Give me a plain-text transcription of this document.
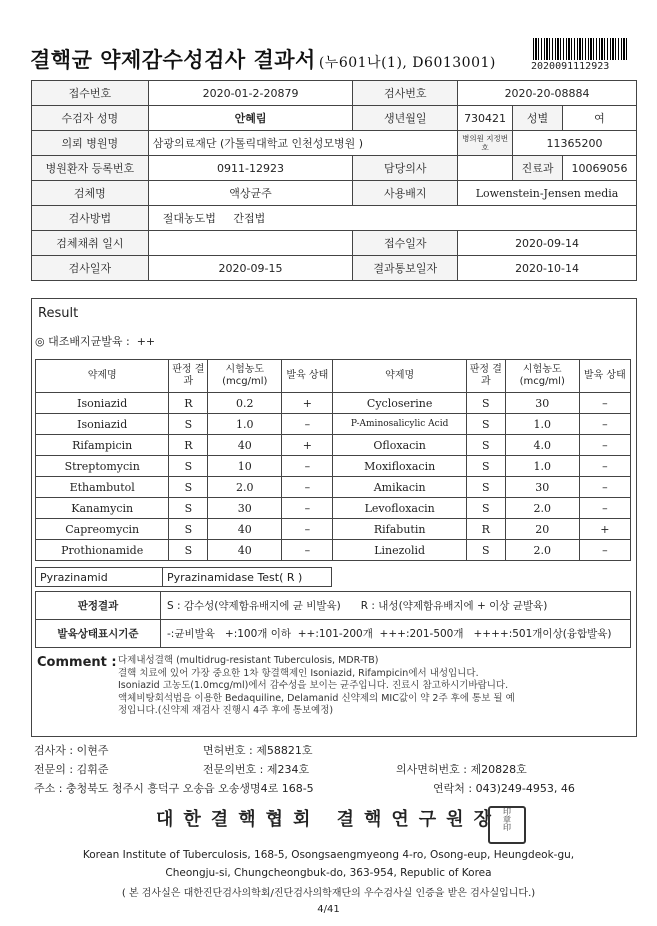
결핵균 약제감수성검사 결과서 (누601나(1), D6013001)	2020091112923
접수번호	2020-01-2-20879	검사번호	2020-20-08884		
수검자 성명	안혜림	생년월일	730421	성별	여
의뢰 병원명	삼광의료재단 (가톨릭대학교 인천성모병원 )		병의원 지정번호	11365200	
병원환자 등록번호	0911-12923	담당의사		진료과	10069056
검체명	액상균주	사용배지	Lowenstein-Jensen media		
검사방법	절대농도법 간접법				
검체채취 일시		접수일자	2020-09-14		
검사일자	2020-09-15	결과통보일자	2020-10-14		
Result
◎ 대조배지균발육 : ++
약제명	판정 결과	시험농도 (mcg/ml)	발육 상태	약제명	판정 결과	시험농도 (mcg/ml)	발육 상태
Isoniazid	R	0.2	+	Cycloserine	S	30	–
Isoniazid	S	1.0	–	P-Aminosalicylic Acid	S	1.0	–
Rifampicin	R	40	+	Ofloxacin	S	4.0	–
Streptomycin	S	10	–	Moxifloxacin	S	1.0	–
Ethambutol	S	2.0	–	Amikacin	S	30	–
Kanamycin	S	30	–	Levofloxacin	S	2.0	–
Capreomycin	S	40	–	Rifabutin	R	20	+
Prothionamide	S	40	–	Linezolid	S	2.0	–
Pyrazinamid	Pyrazinamidase Test( R )
판정결과	S : 감수성(약제함유배지에 균 비발육) R : 내성(약제함유배지에 + 이상 균발육)
발육상태표시기준	-:균비발육   +:100개 이하  ++:101-200개  +++:201-500개   ++++:501개이상(융합발육)
Comment : 다제내성결핵 (multidrug-resistant Tuberculosis, MDR-TB)

결핵 치료에 있어 가장 중요한 1차 항결핵제인 Isoniazid, Rifampicin에서 내성입니다.

Isoniazid 고농도(1.0mcg/ml)에서 감수성을 보이는 균주입니다. 진료시 참고하시기바랍니다.

액체비탕회석법을 이용한 Bedaquiline, Delamanid 신약제의 MIC값이 약 2주 후에 통보 될 예

정입니다.(신약제 재검사 진행시 4주 후에 통보예정)

검사자 : 이현주	면허번호 : 제58821호
전문의 : 김휘준	전문의번호 : 제234호	의사면허번호 : 제20828호
주소 : 충청북도 청주시 흥덕구 오송읍 오송생명4로 168-5	연락처 : 043)249-4953, 46
대한결핵협회 결핵연구원장 印
章
印
Korean Institute of Tuberculosis, 168-5, Osongsaengmyeong 4-ro, Osong-eup, Heungdeok-gu,
Cheongju-si, Chungcheongbuk-do, 363-954, Republic of Korea
( 본 검사실은 대한진단검사의학회/진단검사의학재단의 우수검사실 인증을 받은 검사실입니다.)
4/41
